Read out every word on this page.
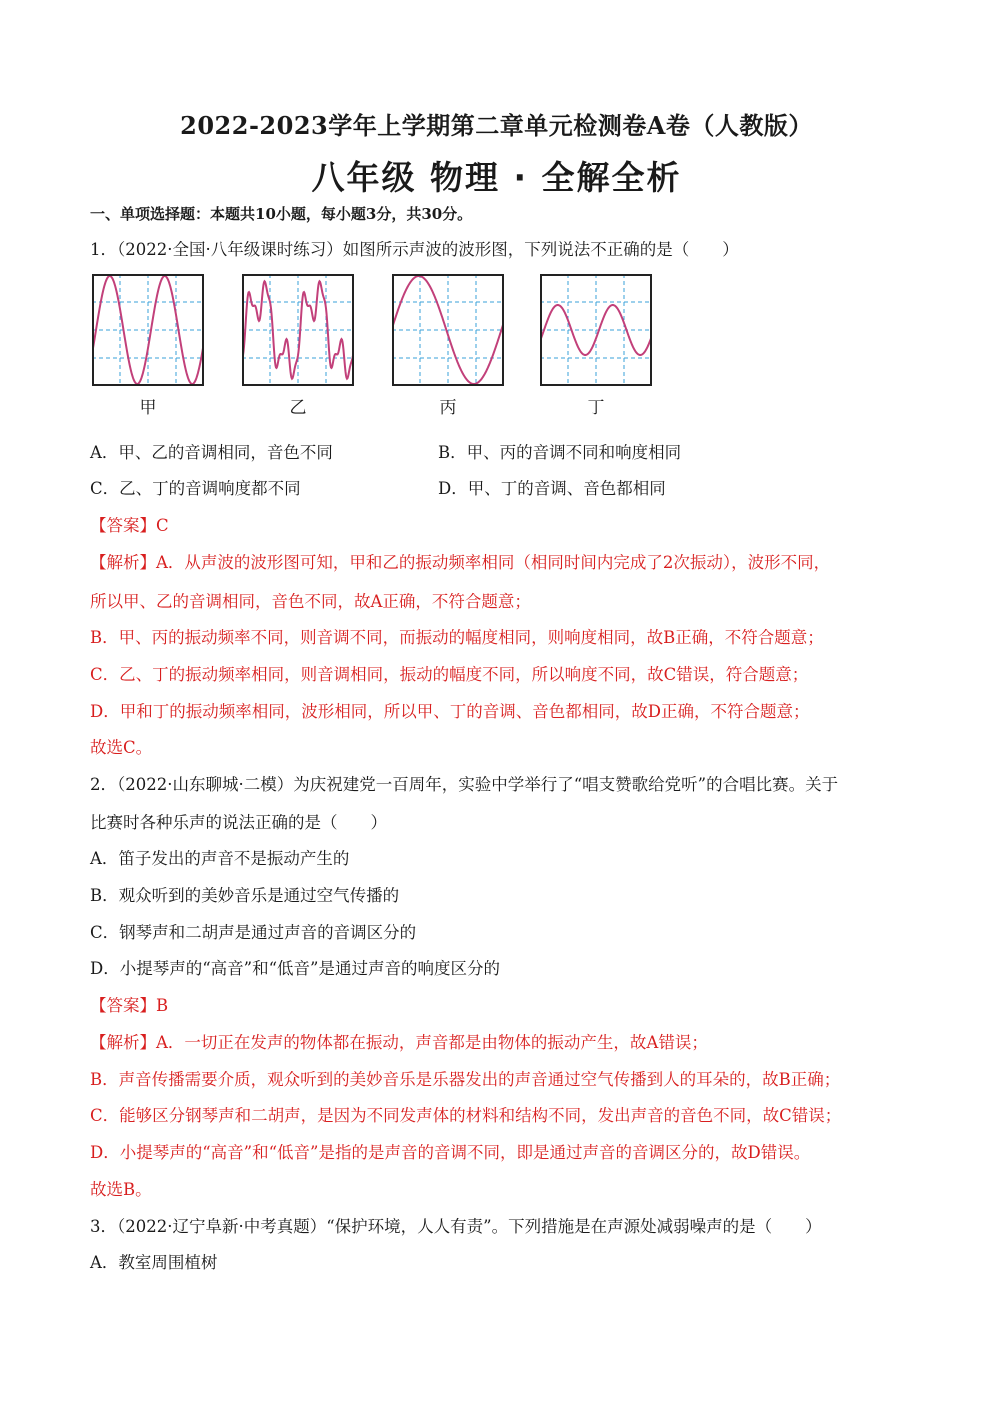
2022-2023学年上学期第二章单元检测卷A卷（人教版）
八年级 物理 · 全解全析
一、单项选择题：本题共10小题，每小题3分，共30分。
1．（2022·全国·八年级课时练习）如图所示声波的波形图，下列说法不正确的是（　　）
甲	乙	丙	丁
A．甲、乙的音调相同，音色不同	B．甲、丙的音调不同和响度相同
C．乙、丁的音调响度都不同	D．甲、丁的音调、音色都相同
【答案】C
【解析】A．从声波的波形图可知，甲和乙的振动频率相同（相同时间内完成了2次振动），波形不同，
所以甲、乙的音调相同，音色不同，故A正确，不符合题意；
B．甲、丙的振动频率不同，则音调不同，而振动的幅度相同，则响度相同，故B正确，不符合题意；
C．乙、丁的振动频率相同，则音调相同，振动的幅度不同，所以响度不同，故C错误，符合题意；
D．甲和丁的振动频率相同，波形相同，所以甲、丁的音调、音色都相同，故D正确，不符合题意；
故选C。
2．（2022·山东聊城·二模）为庆祝建党一百周年，实验中学举行了“唱支赞歌给党听”的合唱比赛。关于
比赛时各种乐声的说法正确的是（　　）
A．笛子发出的声音不是振动产生的
B．观众听到的美妙音乐是通过空气传播的
C．钢琴声和二胡声是通过声音的音调区分的
D．小提琴声的“高音”和“低音”是通过声音的响度区分的
【答案】B
【解析】A．一切正在发声的物体都在振动，声音都是由物体的振动产生，故A错误；
B．声音传播需要介质，观众听到的美妙音乐是乐器发出的声音通过空气传播到人的耳朵的，故B正确；
C．能够区分钢琴声和二胡声，是因为不同发声体的材料和结构不同，发出声音的音色不同，故C错误；
D．小提琴声的“高音”和“低音”是指的是声音的音调不同，即是通过声音的音调区分的，故D错误。
故选B。
3．（2022·辽宁阜新·中考真题）“保护环境，人人有责”。下列措施是在声源处减弱噪声的是（　　）
A．教室周围植树
